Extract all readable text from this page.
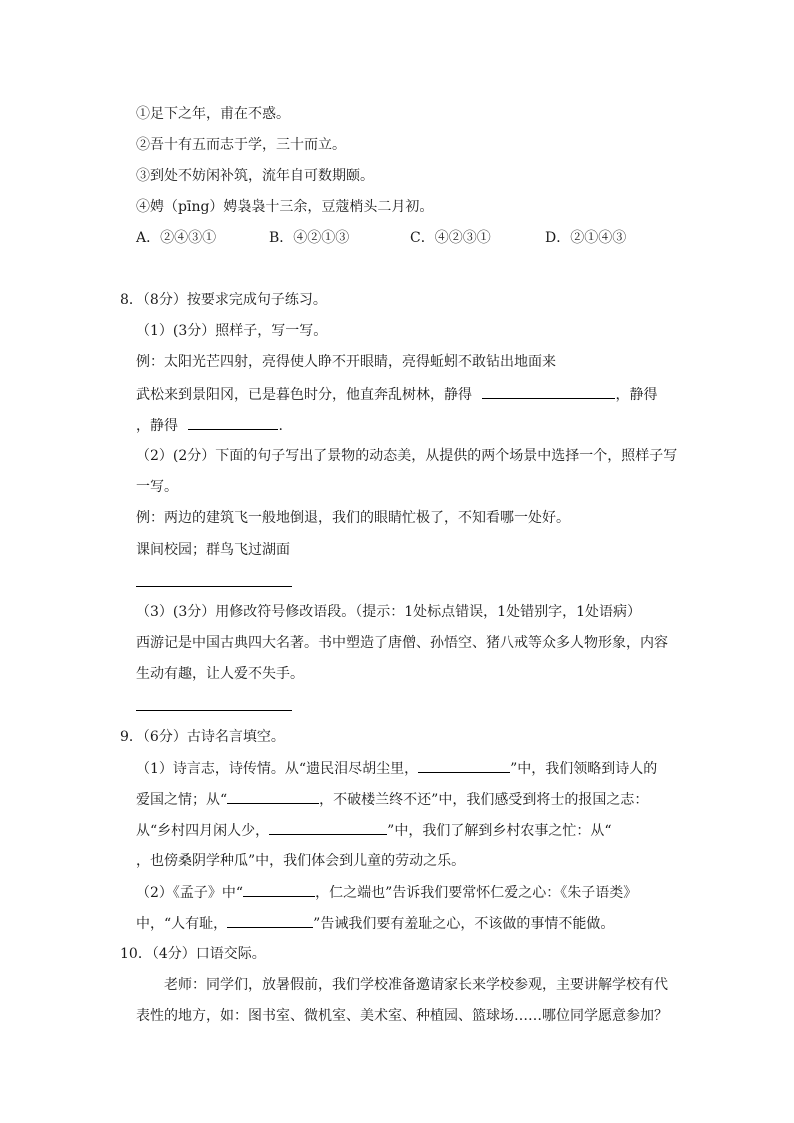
①足下之年，甫在不惑。
②吾十有五而志于学，三十而立。
③到处不妨闲补筑，流年自可数期颐。
④娉（pīng）娉袅袅十三余，豆蔻梢头二月初。
A．②④③①	B．④②①③	C．④②③①	D．②①④③
8．（8分）按要求完成句子练习。
（1）(3分）照样子，写一写。
例：太阳光芒四射，亮得使人睁不开眼睛，亮得蚯蚓不敢钻出地面来
武松来到景阳冈，已是暮色时分，他直奔乱树林，静得	，静得
，静得	.
（2）(2分）下面的句子写出了景物的动态美，从提供的两个场景中选择一个，照样子写
一写。
例：两边的建筑飞一般地倒退，我们的眼睛忙极了，不知看哪一处好。
课间校园；群鸟飞过湖面
（3）(3分）用修改符号修改语段。（提示：1处标点错误，1处错别字，1处语病）
西游记是中国古典四大名著。书中塑造了唐僧、孙悟空、猪八戒等众多人物形象，内容
生动有趣，让人爱不失手。
9．（6分）古诗名言填空。
（1）诗言志，诗传情。从“遗民泪尽胡尘里，	”中，我们领略到诗人的
爱国之情；从“	，不破楼兰终不还”中，我们感受到将士的报国之志：
从“乡村四月闲人少，	”中，我们了解到乡村农事之忙：从“
，也傍桑阴学种瓜”中，我们体会到儿童的劳动之乐。
（2）《孟子》中“	，仁之端也”告诉我们要常怀仁爱之心：《朱子语类》
中，“人有耻，	”告诫我们要有羞耻之心，不该做的事情不能做。
10．（4分）口语交际。
老师：同学们，放暑假前，我们学校准备邀请家长来学校参观，主要讲解学校有代
表性的地方，如：图书室、微机室、美术室、种植园、篮球场……哪位同学愿意参加？
